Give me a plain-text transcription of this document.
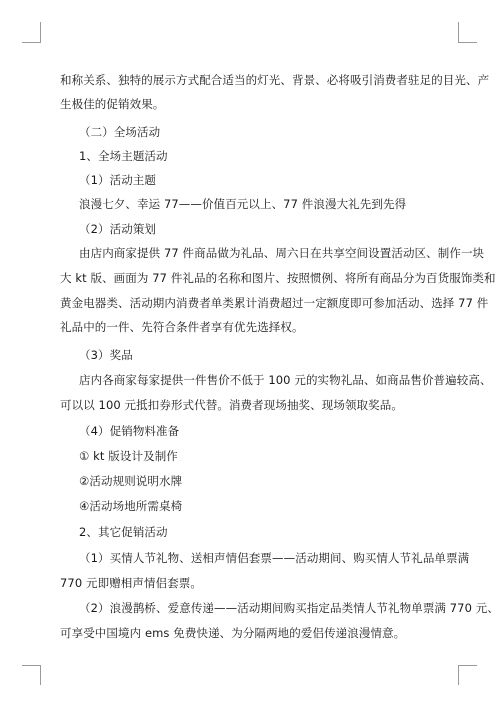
和称关系、独特的展示方式配合适当的灯光、背景、必将吸引消费者驻足的目光、产
生极佳的促销效果。
（二）全场活动
1、全场主题活动
（1）活动主题
浪漫七夕、幸运 77——价值百元以上、77 件浪漫大礼先到先得
（2）活动策划
由店内商家提供 77 件商品做为礼品、周六日在共享空间设置活动区、制作一块
大 kt 版、画面为 77 件礼品的名称和图片、按照惯例、将所有商品分为百货服饰类和
黄金电器类、活动期内消费者单类累计消费超过一定额度即可参加活动、选择 77 件
礼品中的一件、先符合条件者享有优先选择权。
（3）奖品
店内各商家每家提供一件售价不低于 100 元的实物礼品、如商品售价普遍较高、
可以以 100 元抵扣券形式代替。消费者现场抽奖、现场领取奖品。
（4）促销物料准备
① kt 版设计及制作
②活动规则说明水牌
④活动场地所需桌椅
2、其它促销活动
（1）买情人节礼物、送相声情侣套票——活动期间、购买情人节礼品单票满
770 元即赠相声情侣套票。
（2）浪漫鹊桥、爱意传递——活动期间购买指定品类情人节礼物单票满 770 元、
可享受中国境内 ems 免费快递、为分隔两地的爱侣传递浪漫情意。
